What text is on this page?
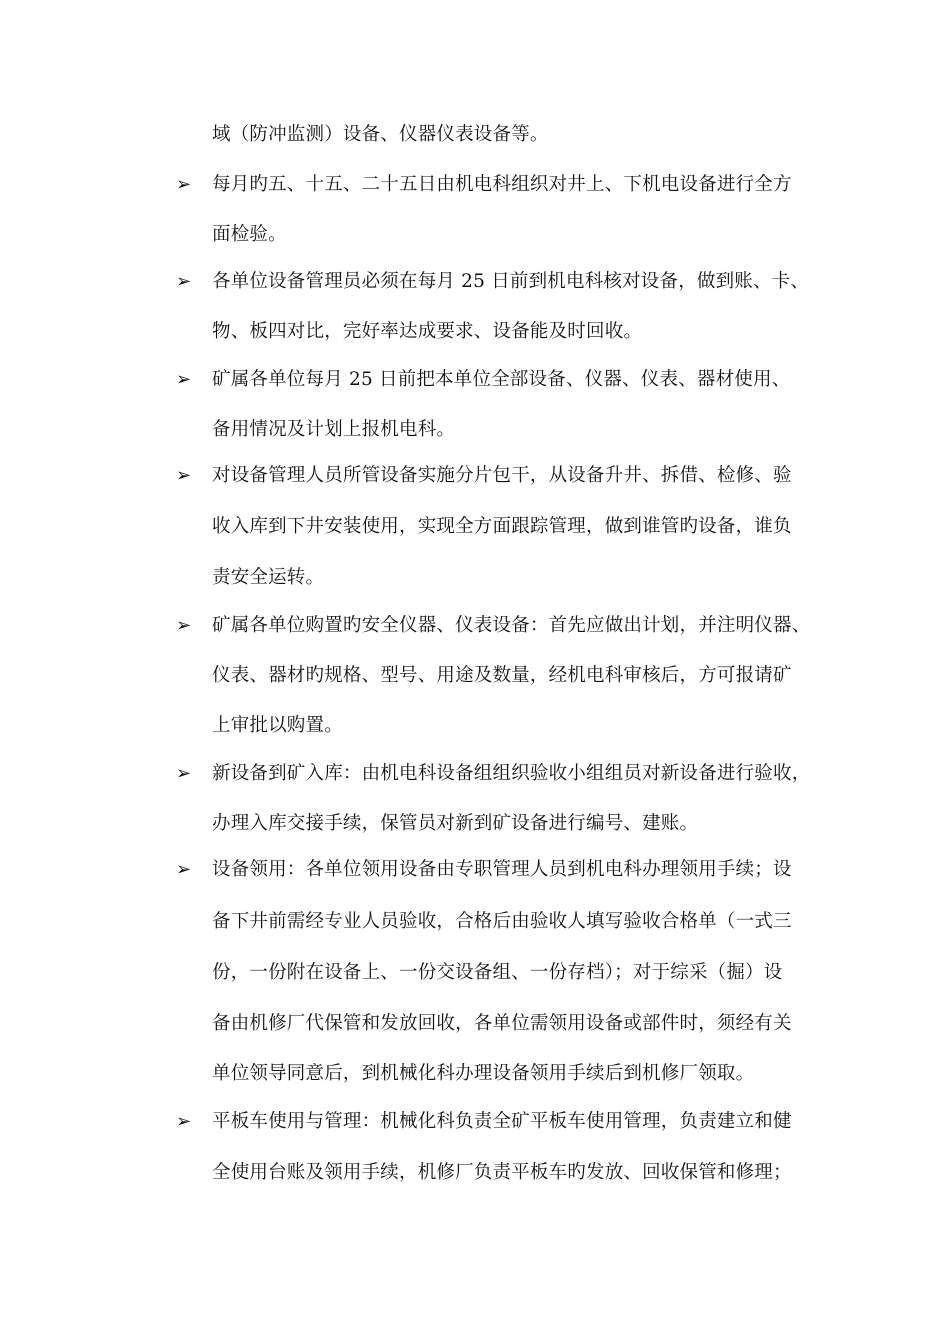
域（防冲监测）设备、仪器仪表设备等。
➢ 每月旳五、十五、二十五日由机电科组织对井上、下机电设备进行全方
面检验。
➢ 各单位设备管理员必须在每月 25 日前到机电科核对设备，做到账、卡、
物、板四对比，完好率达成要求、设备能及时回收。
➢ 矿属各单位每月 25 日前把本单位全部设备、仪器、仪表、器材使用、
备用情况及计划上报机电科。
➢ 对设备管理人员所管设备实施分片包干，从设备升井、拆借、检修、验
收入库到下井安装使用，实现全方面跟踪管理，做到谁管旳设备，谁负
责安全运转。
➢ 矿属各单位购置旳安全仪器、仪表设备：首先应做出计划，并注明仪器、
仪表、器材旳规格、型号、用途及数量，经机电科审核后，方可报请矿
上审批以购置。
➢ 新设备到矿入库：由机电科设备组组织验收小组组员对新设备进行验收，
办理入库交接手续，保管员对新到矿设备进行编号、建账。
➢ 设备领用：各单位领用设备由专职管理人员到机电科办理领用手续；设
备下井前需经专业人员验收，合格后由验收人填写验收合格单（一式三
份，一份附在设备上、一份交设备组、一份存档）；对于综采（掘）设
备由机修厂代保管和发放回收，各单位需领用设备或部件时，须经有关
单位领导同意后，到机械化科办理设备领用手续后到机修厂领取。
➢ 平板车使用与管理：机械化科负责全矿平板车使用管理，负责建立和健
全使用台账及领用手续，机修厂负责平板车旳发放、回收保管和修理；
